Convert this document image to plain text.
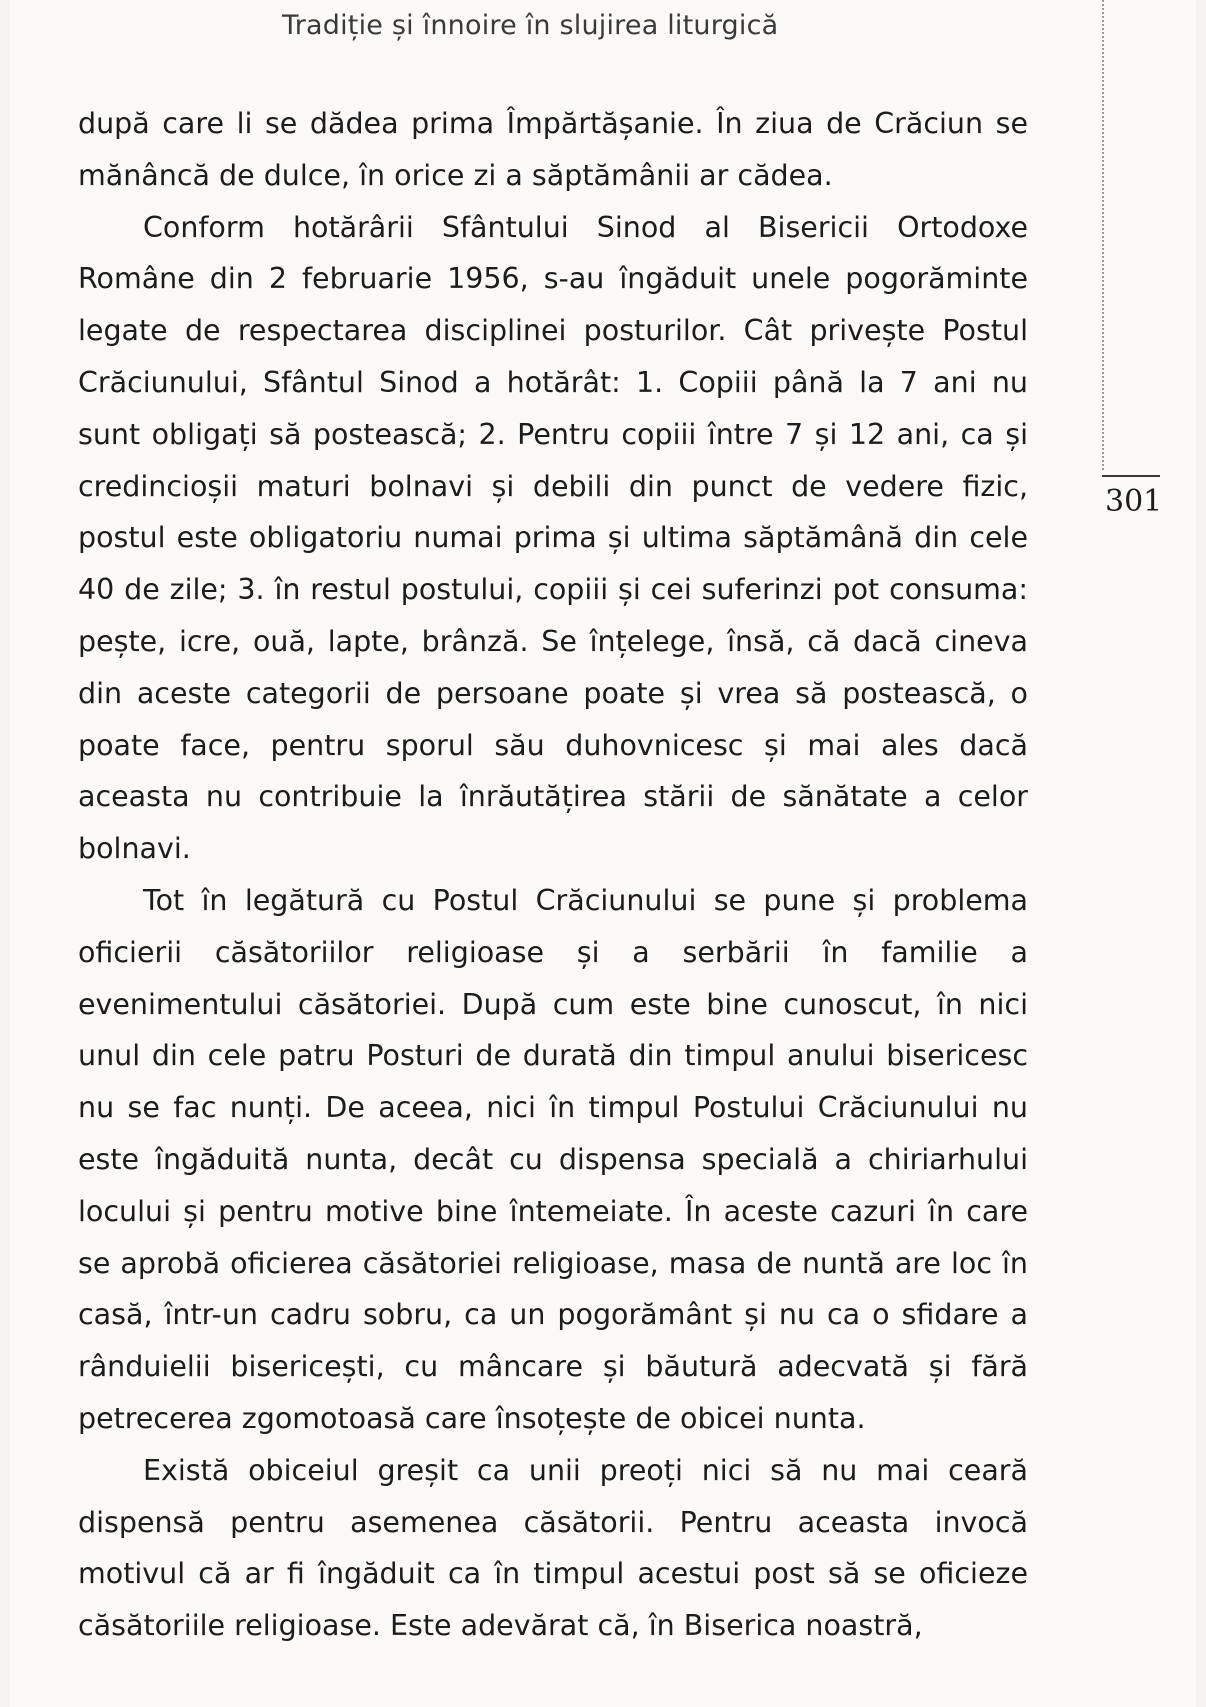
Tradiție și înnoire în slujirea liturgică
301

după care li se dădea prima Împărtășanie. În ziua de Crăciun se mănâncă de dulce, în orice zi a săptămânii ar cădea.

Conform hotărârii Sfântului Sinod al Bisericii Ortodoxe Române din 2 februarie 1956, s-au îngăduit unele pogorăminte legate de respectarea disciplinei posturilor. Cât privește Postul Crăciunului, Sfântul Sinod a hotărât: 1. Copiii până la 7 ani nu sunt obligați să postească; 2. Pentru copiii între 7 și 12 ani, ca și credincioșii maturi bolnavi și debili din punct de vedere fizic, postul este obligatoriu numai prima și ultima săptămână din cele 40 de zile; 3. în restul postului, copiii și cei suferinzi pot consuma: pește, icre, ouă, lapte, brânză. Se înțelege, însă, că dacă cineva din aceste categorii de persoane poate și vrea să postească, o poate face, pentru sporul său duhovnicesc și mai ales dacă aceasta nu contribuie la înrăutățirea stării de sănătate a celor bolnavi.

Tot în legătură cu Postul Crăciunului se pune și problema oficierii căsătoriilor religioase și a serbării în familie a evenimentului căsătoriei. După cum este bine cunoscut, în nici unul din cele patru Posturi de durată din timpul anului bisericesc nu se fac nunți. De aceea, nici în timpul Postului Crăciunului nu este îngăduită nunta, decât cu dispensa specială a chiriarhului locului și pentru motive bine întemeiate. În aceste cazuri în care se aprobă oficierea căsătoriei religioase, masa de nuntă are loc în casă, într-un cadru sobru, ca un pogorământ și nu ca o sfidare a rânduielii bisericești, cu mâncare și băutură adecvată și fără petrecerea zgomotoasă care însoțește de obicei nunta.

Există obiceiul greșit ca unii preoți nici să nu mai ceară dispensă pentru asemenea căsătorii. Pentru aceasta invocă motivul că ar fi îngăduit ca în timpul acestui post să se oficieze căsătoriile religioase. Este adevărat că, în Biserica noastră,
